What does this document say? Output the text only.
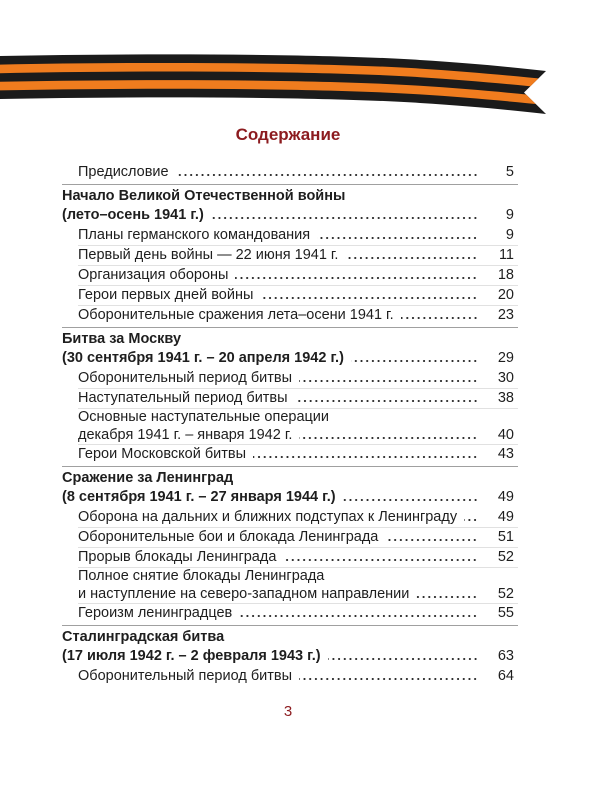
Содержание
Предисловие	5
Начало Великой Отечественной войны
(лето–осень 1941 г.)	9
Планы германского командования	9
Первый день войны — 22 июня 1941 г.	11
Организация обороны	18
Герои первых дней войны	20
Оборонительные сражения лета–осени 1941 г.	23
Битва за Москву
(30 сентября 1941 г. – 20 апреля 1942 г.)	29
Оборонительный период битвы	30
Наступательный период битвы	38
Основные наступательные операции
декабря 1941 г. – января 1942 г.	40
Герои Московской битвы	43
Сражение за Ленинград
(8 сентября 1941 г. – 27 января 1944 г.)	49
Оборона на дальних и ближних подступах к Ленинграду	49
Оборонительные бои и блокада Ленинграда	51
Прорыв блокады Ленинграда	52
Полное снятие блокады Ленинграда
и наступление на северо-западном направлении	52
Героизм ленинградцев	55
Сталинградская битва
(17 июля 1942 г. – 2 февраля 1943 г.)	63
Оборонительный период битвы	64
3
